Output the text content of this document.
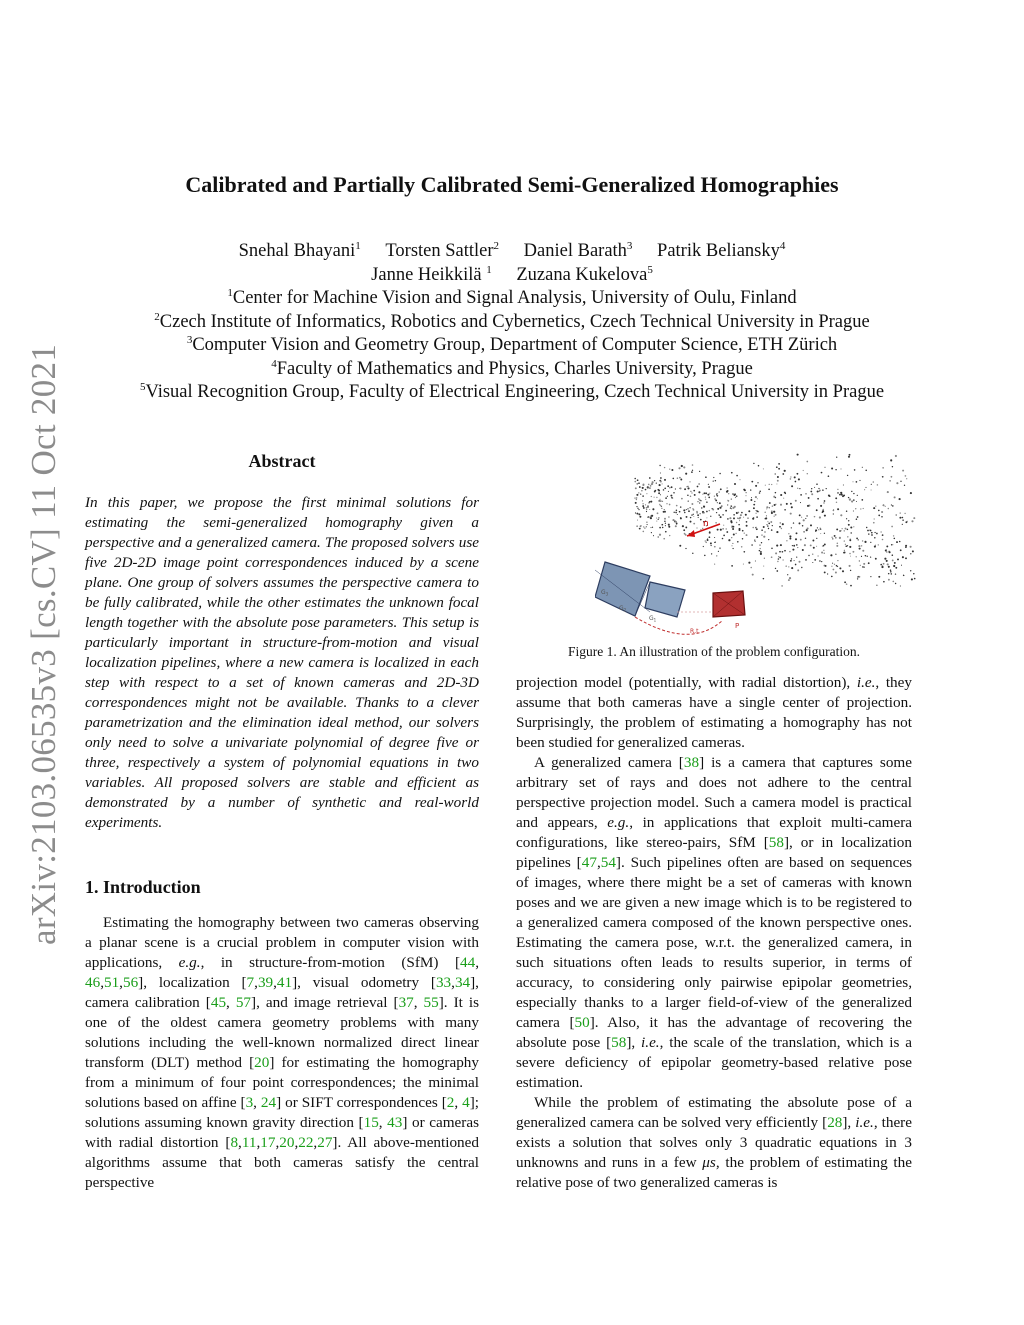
arXiv:2103.06535v3 [cs.CV] 11 Oct 2021
Calibrated and Partially Calibrated Semi-Generalized Homographies
Snehal Bhayani$^1$ Torsten Sattler$^2$ Daniel Barath$^3$ Patrik Beliansky$^4$
Janne Heikkilä $^1$ Zuzana Kukelova$^5$
$^1$Center for Machine Vision and Signal Analysis, University of Oulu, Finland
$^2$Czech Institute of Informatics, Robotics and Cybernetics, Czech Technical University in Prague
$^3$Computer Vision and Geometry Group, Department of Computer Science, ETH Zürich
$^4$Faculty of Mathematics and Physics, Charles University, Prague
$^5$Visual Recognition Group, Faculty of Electrical Engineering, Czech Technical University in Prague
Abstract

In this paper, we propose the first minimal solutions for estimating the semi-generalized homography given a perspective and a generalized camera. The proposed solvers use five 2D-2D image point correspondences induced by a scene plane. One group of solvers assumes the perspective camera to be fully calibrated, while the other estimates the unknown focal length together with the absolute pose parameters. This setup is particularly important in structure-from-motion and visual localization pipelines, where a new camera is localized in each step with respect to a set of known cameras and 2D-3D correspondences might not be available. Thanks to a clever parametrization and the elimination ideal method, our solvers only need to solve a univariate polynomial of degree five or three, respectively a system of polynomial equations in two variables. All proposed solvers are stable and efficient as demonstrated by a number of synthetic and real-world experiments.

1. Introduction

Estimating the homography between two cameras observing a planar scene is a crucial problem in computer vision with applications, e.g., in structure-from-motion (SfM) [44, 46,51,56], localization [7,39,41], visual odometry [33,34], camera calibration [45, 57], and image retrieval [37, 55]. It is one of the oldest camera geometry problems with many solutions including the well-known normalized direct linear transform (DLT) method [20] for estimating the homography from a minimum of four point correspondences; the minimal solutions based on affine [3, 24] or SIFT correspondences [2, 4]; solutions assuming known gravity direction [15, 43] or cameras with radial distortion [8,11,17,20,22,27]. All above-mentioned algorithms assume that both cameras satisfy the central perspective

n
$G_3$
$G_2$
$G_1$
R,t
P
Figure 1. An illustration of the problem configuration.

projection model (potentially, with radial distortion), i.e., they assume that both cameras have a single center of projection. Surprisingly, the problem of estimating a homography has not been studied for generalized cameras.

A generalized camera [38] is a camera that captures some arbitrary set of rays and does not adhere to the central perspective projection model. Such a camera model is practical and appears, e.g., in applications that exploit multi-camera configurations, like stereo-pairs, SfM [58], or in localization pipelines [47,54]. Such pipelines often are based on sequences of images, where there might be a set of cameras with known poses and we are given a new image which is to be registered to a generalized camera composed of the known perspective ones. Estimating the camera pose, w.r.t. the generalized camera, in such situations often leads to results superior, in terms of accuracy, to considering only pairwise epipolar geometries, especially thanks to a larger field-of-view of the generalized camera [50]. Also, it has the advantage of recovering the absolute pose [58], i.e., the scale of the translation, which is a severe deficiency of epipolar geometry-based relative pose estimation.

While the problem of estimating the absolute pose of a generalized camera can be solved very efficiently [28], i.e., there exists a solution that solves only 3 quadratic equations in 3 unknowns and runs in a few μs, the problem of estimating the relative pose of two generalized cameras is
